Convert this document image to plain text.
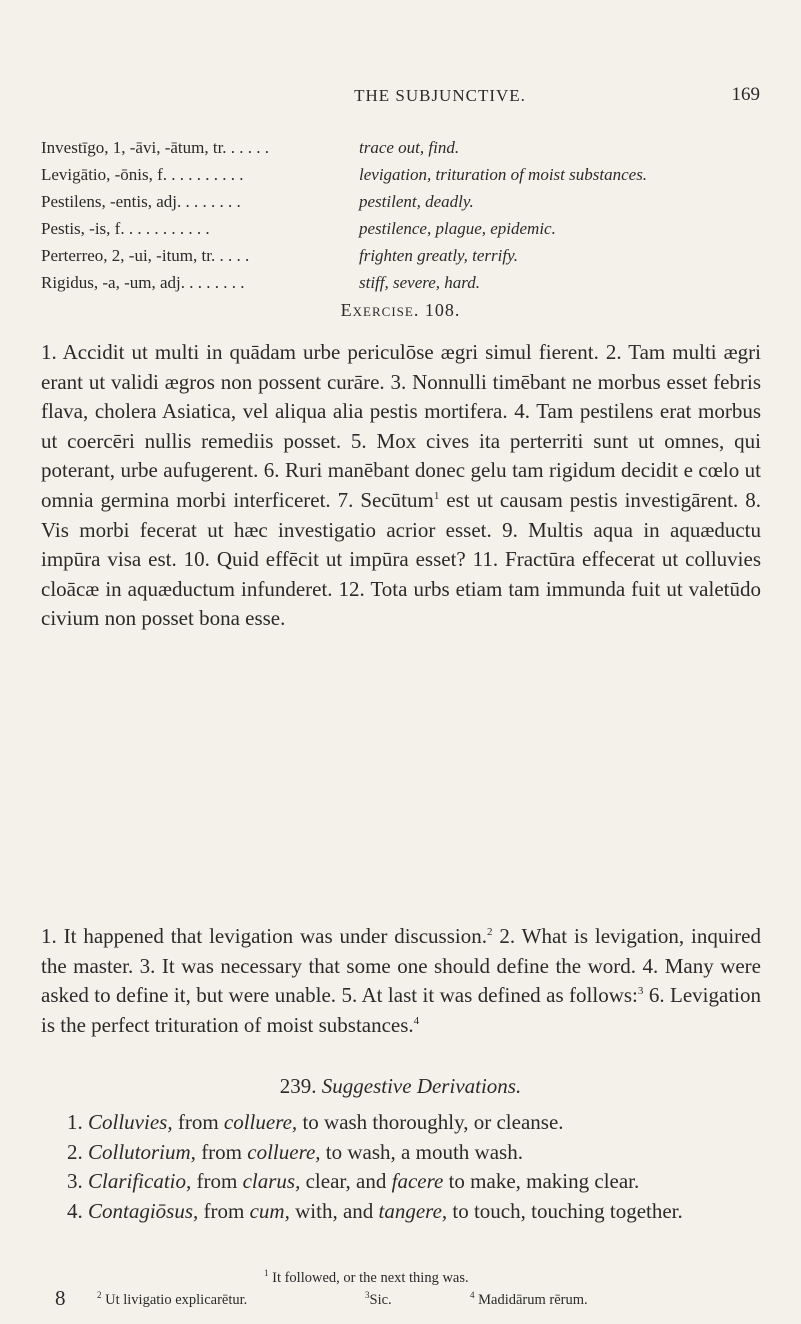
THE SUBJUNCTIVE.	169
Investīgo, 1, -āvi, -ātum, tr. . . . . .	trace out, find.
Levigātio, -ōnis, f. . . . . . . . . .	levigation, trituration of moist substances.
Pestilens, -entis, adj. . . . . . . .	pestilent, deadly.
Pestis, -is, f. . . . . . . . . . .	pestilence, plague, epidemic.
Perterreo, 2, -ui, -itum, tr. . . . .	frighten greatly, terrify.
Rigidus, -a, -um, adj. . . . . . . .	stiff, severe, hard.
Exercise. 108.
1. Accidit ut multi in quādam urbe periculōse ægri simul fierent. 2. Tam multi ægri erant ut validi ægros non possent curāre. 3. Nonnulli timēbant ne morbus esset febris flava, cholera Asiatica, vel aliqua alia pestis mortifera. 4. Tam pestilens erat morbus ut coercēri nullis remediis posset. 5. Mox cives ita perterriti sunt ut omnes, qui poterant, urbe aufugerent. 6. Ruri manēbant donec gelu tam rigidum decidit e cœlo ut omnia germina morbi interficeret. 7. Secūtum$^1$ est ut causam pestis investigārent. 8. Vis morbi fecerat ut hæc investigatio acrior esset. 9. Multis aqua in aquæductu impūra visa est. 10. Quid effēcit ut impūra esset? 11. Fractūra effecerat ut colluvies cloācæ in aquæductum infunderet. 12. Tota urbs etiam tam immunda fuit ut valetūdo civium non posset bona esse.
1. It happened that levigation was under discussion.$^2$ 2. What is levigation, inquired the master. 3. It was necessary that some one should define the word. 4. Many were asked to define it, but were unable. 5. At last it was defined as follows:$^3$ 6. Levigation is the perfect trituration of moist substances.$^4$
239. Suggestive Derivations.
1. Colluvies, from colluere, to wash thoroughly, or cleanse.
2. Collutorium, from colluere, to wash, a mouth wash.
3. Clarificatio, from clarus, clear, and facere to make, making clear.
4. Contagiōsus, from cum, with, and tangere, to touch, touching together.
$^1$ It followed, or the next thing was.
$^2$ Ut livigatio explicarētur.	$^3$Sic.	$^4$ Madidārum rērum.
8
